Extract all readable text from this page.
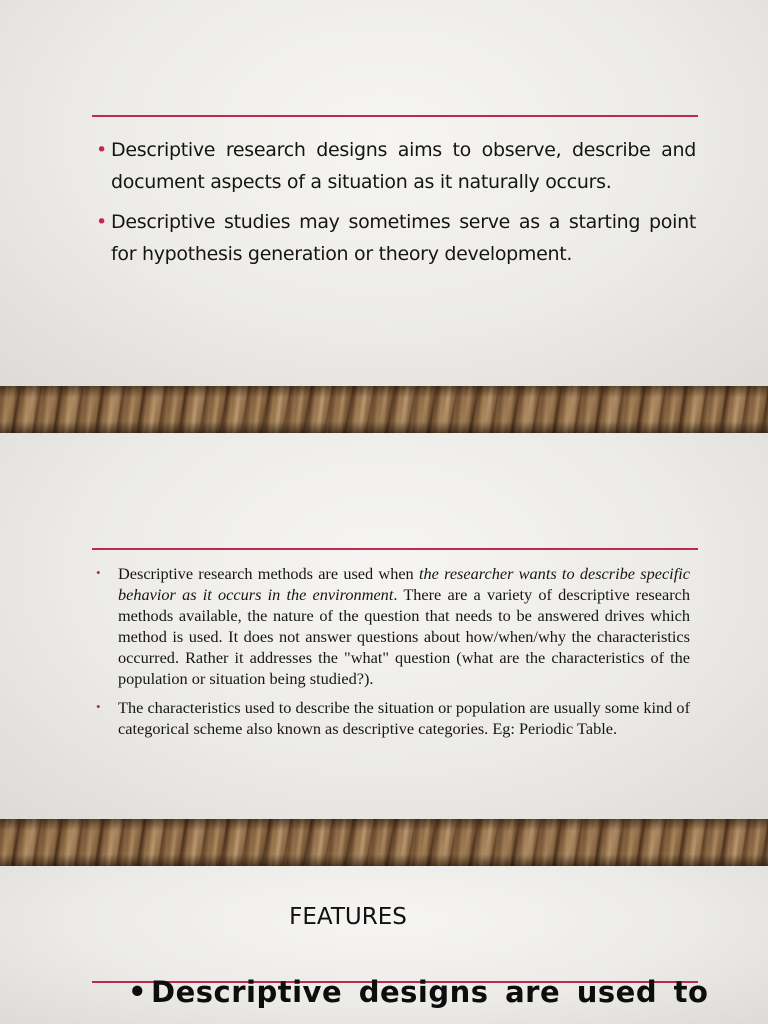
• Descriptive research designs aims to observe, describe and document aspects of a situation as it naturally occurs.
• Descriptive studies may sometimes serve as a starting point for hypothesis generation or theory development.
• Descriptive research methods are used when the researcher wants to describe specific behavior as it occurs in the environment. There are a variety of descriptive research methods available, the nature of the question that needs to be answered drives which method is used. It does not answer questions about how/when/why the characteristics occurred. Rather it addresses the "what" question (what are the characteristics of the population or situation being studied?).
• The characteristics used to describe the situation or population are usually some kind of categorical scheme also known as descriptive categories. Eg: Periodic Table.
FEATURES

• Descriptive designs are used to
